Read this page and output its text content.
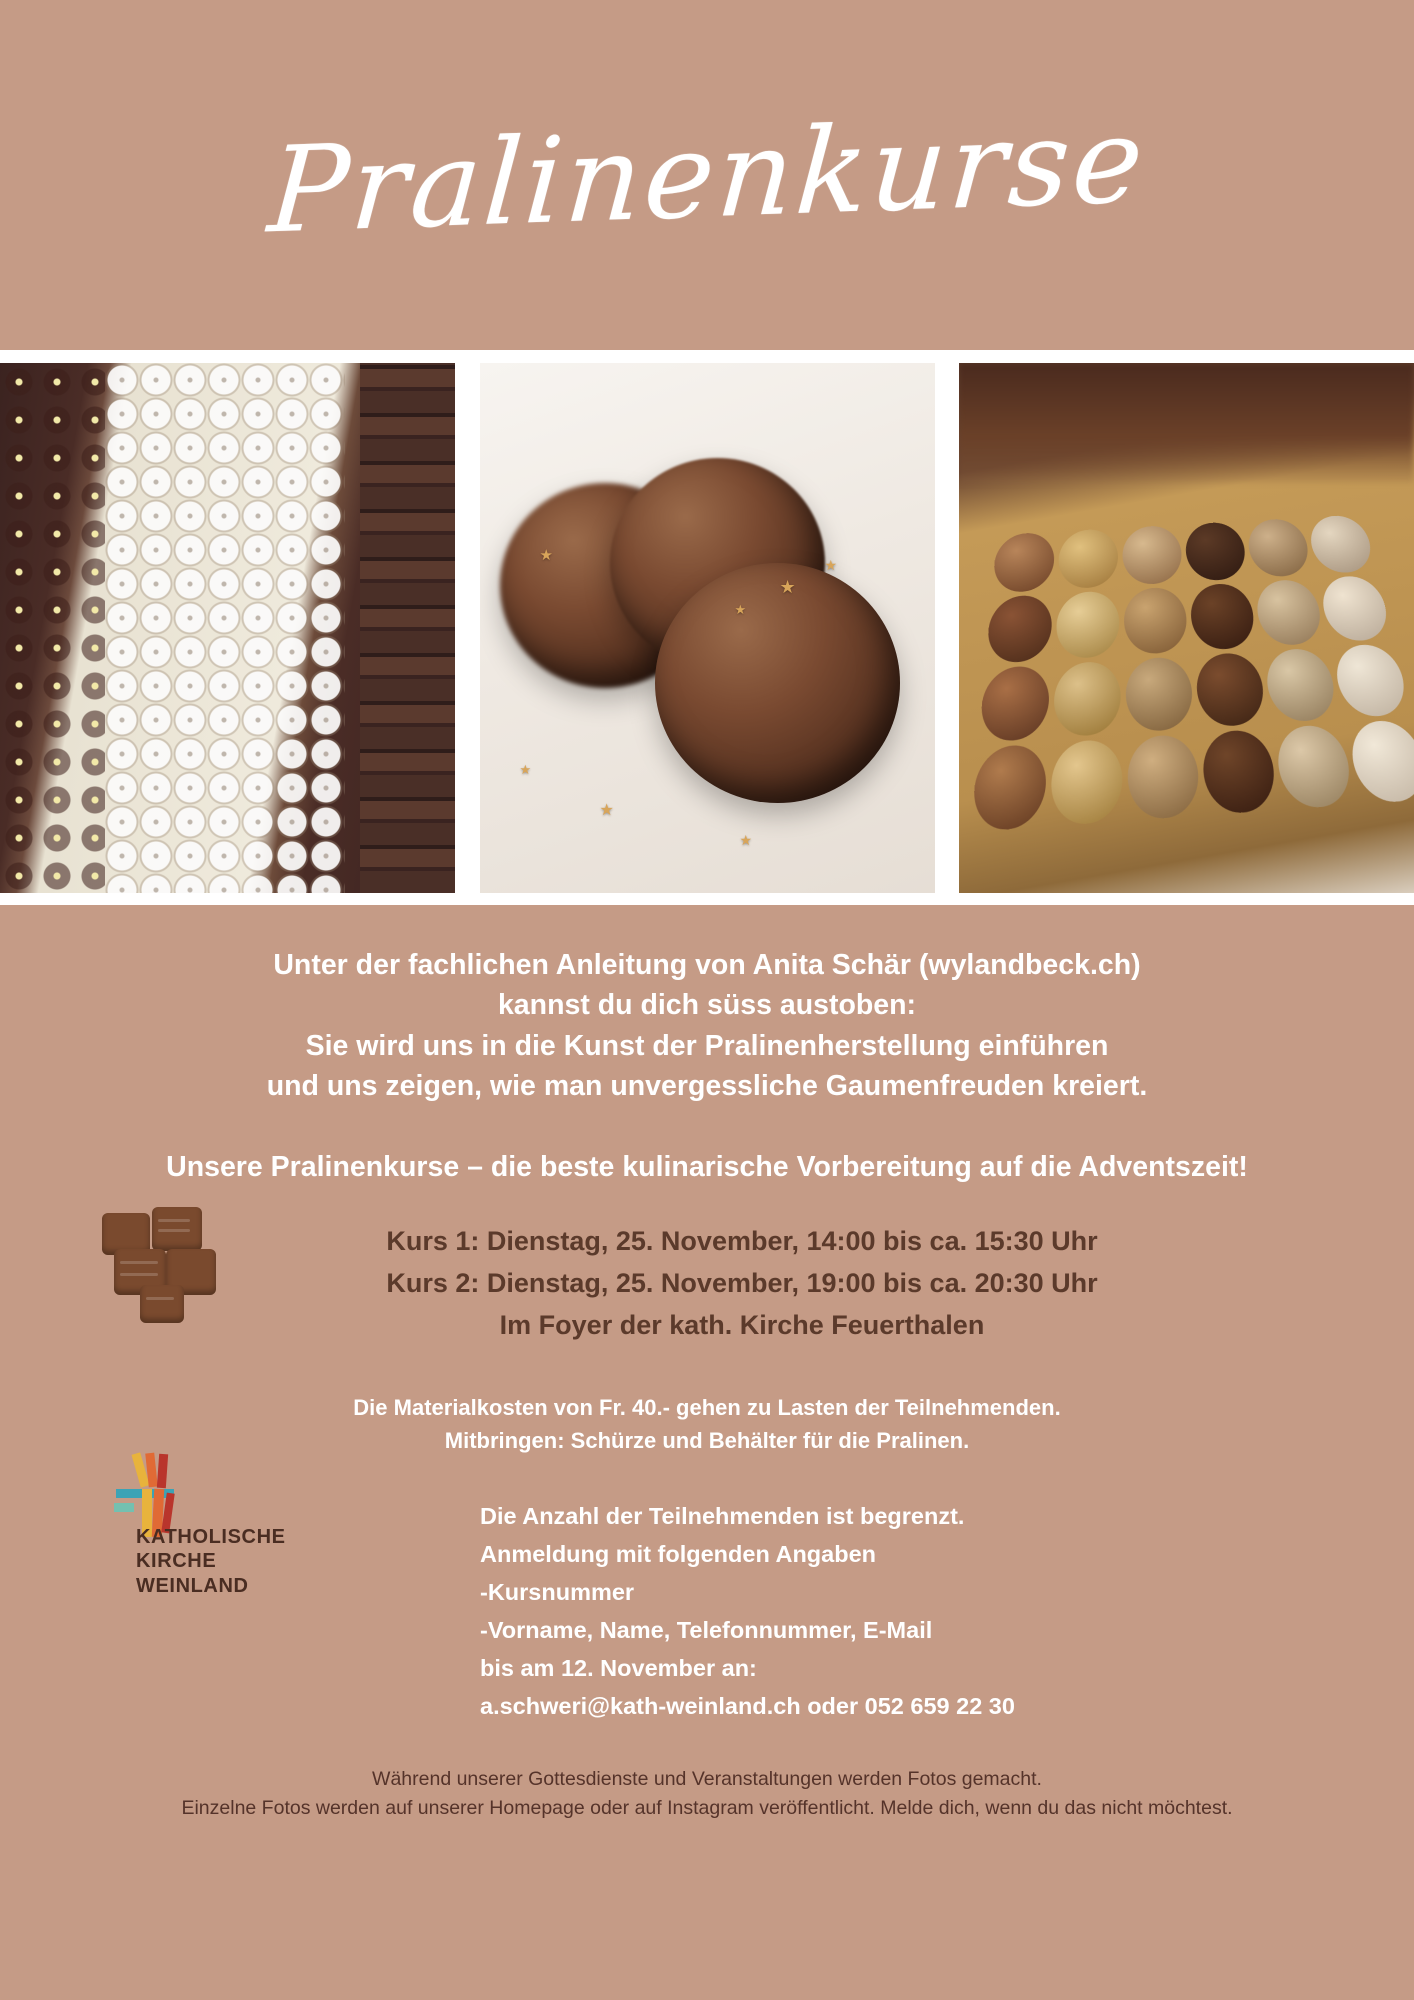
Pralinenkurse
★
★
★
★
★
★
★
Unter der fachlichen Anleitung von Anita Schär (wylandbeck.ch)
kannst du dich süss austoben:
Sie wird uns in die Kunst der Pralinenherstellung einführen
und uns zeigen, wie man unvergessliche Gaumenfreuden kreiert.
Unsere Pralinenkurse – die beste kulinarische Vorbereitung auf die Adventszeit!
Kurs 1: Dienstag, 25. November, 14:00 bis ca. 15:30 Uhr
Kurs 2: Dienstag, 25. November, 19:00 bis ca. 20:30 Uhr
Im Foyer der kath. Kirche Feuerthalen
Die Materialkosten von Fr. 40.- gehen zu Lasten der Teilnehmenden.
Mitbringen: Schürze und Behälter für die Pralinen.
KATHOLISCHE KIRCHE
WEINLAND
Die Anzahl der Teilnehmenden ist begrenzt.
Anmeldung mit folgenden Angaben
-Kursnummer
-Vorname, Name, Telefonnummer, E-Mail
bis am 12. November an:
a.schweri@kath-weinland.ch oder 052 659 22 30
Während unserer Gottesdienste und Veranstaltungen werden Fotos gemacht.
Einzelne Fotos werden auf unserer Homepage oder auf Instagram veröffentlicht. Melde dich, wenn du das nicht möchtest.
